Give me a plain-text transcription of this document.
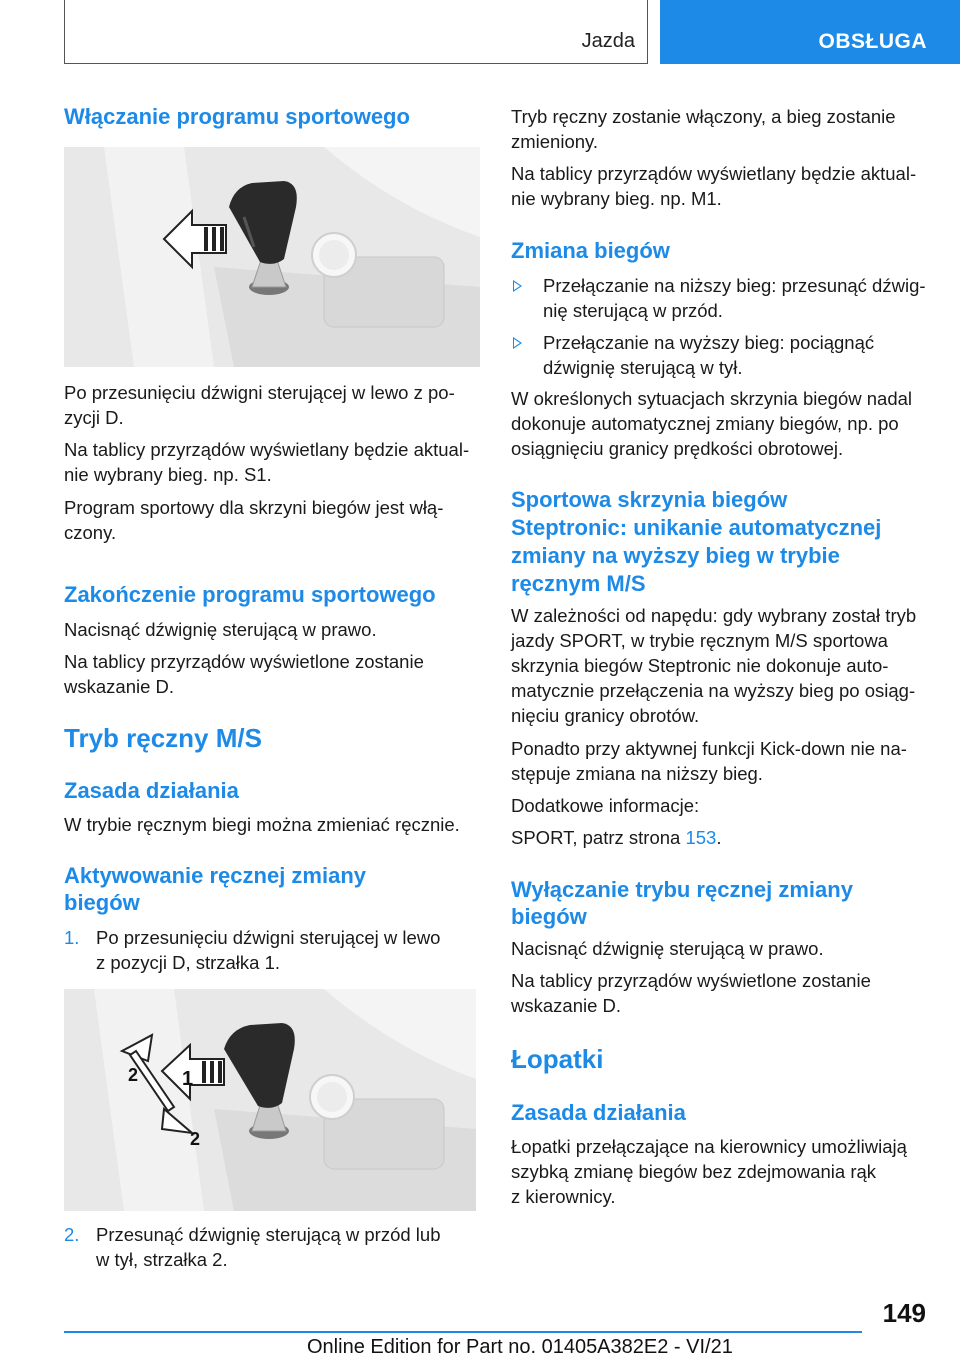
Jazda	OBSŁUGA
Włączanie programu sportowego
Po przesunięciu dźwigni sterującej w lewo z po-
zycji D.
Na tablicy przyrządów wyświetlany będzie aktual-
nie wybrany bieg. np. S1.
Program sportowy dla skrzyni biegów jest włą-
czony.
Zakończenie programu sportowego
Nacisnąć dźwignię sterującą w prawo.
Na tablicy przyrządów wyświetlone zostanie
wskazanie D.
Tryb ręczny M/S
Zasada działania
W trybie ręcznym biegi można zmieniać ręcznie.
Aktywowanie ręcznej zmiany
biegów
1. Po przesunięciu dźwigni sterującej w lewo
z pozycji D, strzałka 1.
1
2
2
2. Przesunąć dźwignię sterującą w przód lub
w tył, strzałka 2.
Tryb ręczny zostanie włączony, a bieg zostanie
zmieniony.
Na tablicy przyrządów wyświetlany będzie aktual-
nie wybrany bieg. np. M1.
Zmiana biegów
Przełączanie na niższy bieg: przesunąć dźwig-
nię sterującą w przód.
Przełączanie na wyższy bieg: pociągnąć
dźwignię sterującą w tył.
W określonych sytuacjach skrzynia biegów nadal
dokonuje automatycznej zmiany biegów, np. po
osiągnięciu granicy prędkości obrotowej.
Sportowa skrzynia biegów
Steptronic: unikanie automatycznej
zmiany na wyższy bieg w trybie
ręcznym M/S
W zależności od napędu: gdy wybrany został tryb
jazdy SPORT, w trybie ręcznym M/S sportowa
skrzynia biegów Steptronic nie dokonuje auto-
matycznie przełączenia na wyższy bieg po osiąg-
nięciu granicy obrotów.
Ponadto przy aktywnej funkcji Kick-down nie na-
stępuje zmiana na niższy bieg.
Dodatkowe informacje:
SPORT, patrz strona 153.
Wyłączanie trybu ręcznej zmiany
biegów
Nacisnąć dźwignię sterującą w prawo.
Na tablicy przyrządów wyświetlone zostanie
wskazanie D.
Łopatki
Zasada działania
Łopatki przełączające na kierownicy umożliwiają
szybką zmianę biegów bez zdejmowania rąk
z kierownicy.
149
Online Edition for Part no. 01405A382E2 - VI/21
